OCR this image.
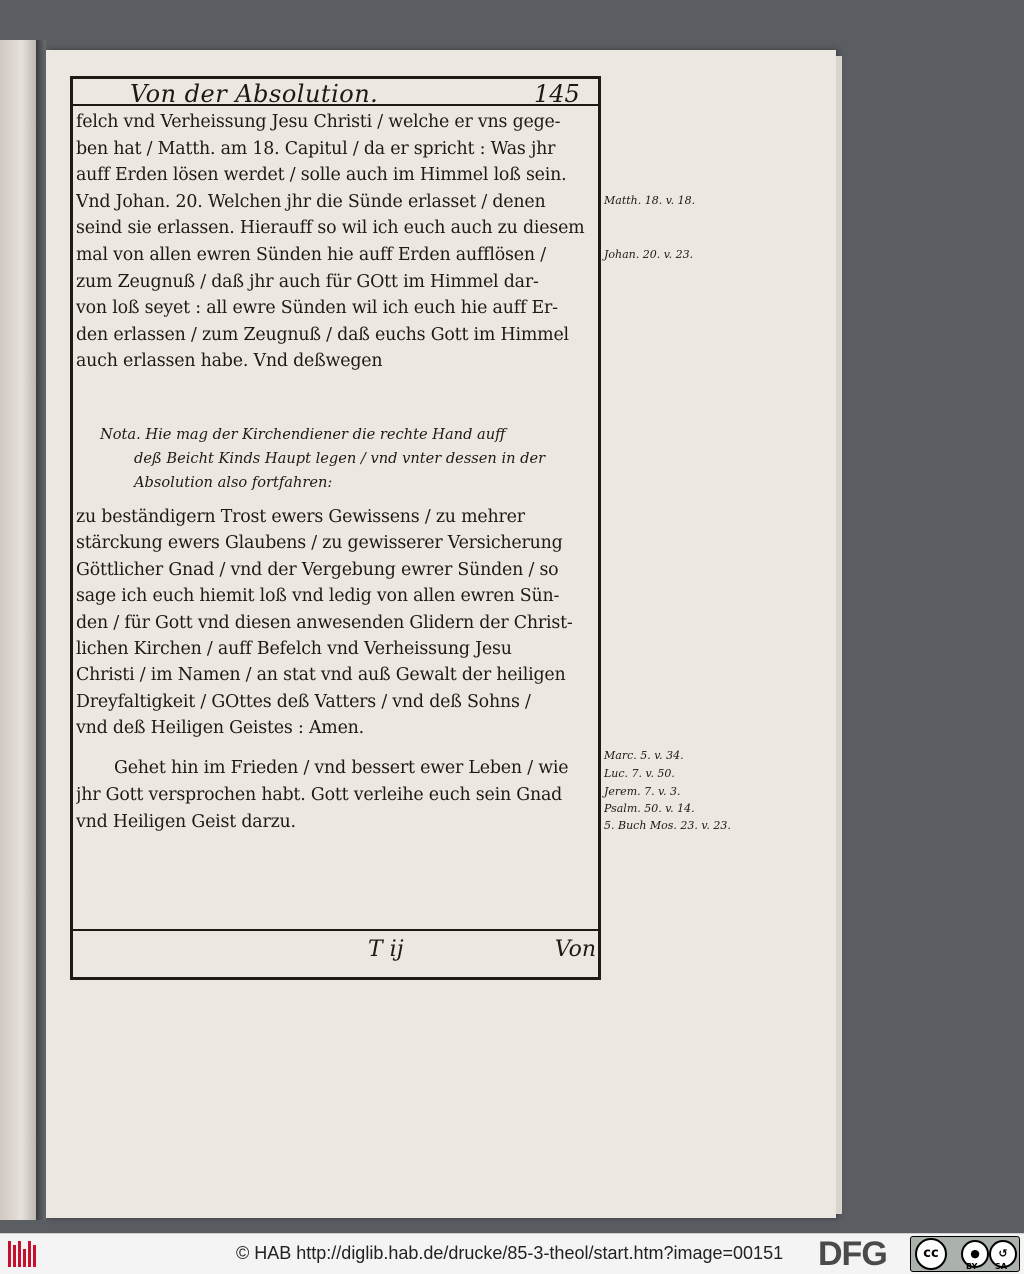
Von der Absolution.	145
felch vnd Verheissung Jesu Christi / welche er vns gege-
ben hat / Matth. am 18. Capitul / da er spricht : Was jhr
auff Erden lösen werdet / solle auch im Himmel loß sein.
Vnd Johan. 20. Welchen jhr die Sünde erlasset / denen
seind sie erlassen. Hierauff so wil ich euch auch zu diesem
mal von allen ewren Sünden hie auff Erden aufflösen /
zum Zeugnuß / daß jhr auch für GOtt im Himmel dar-
von loß seyet : all ewre Sünden wil ich euch hie auff Er-
den erlassen / zum Zeugnuß / daß euchs Gott im Himmel
auch erlassen habe. Vnd deßwegen
Nota. Hie mag der Kirchendiener die rechte Hand auff
deß Beicht Kinds Haupt legen / vnd vnter dessen in der
Absolution also fortfahren:
zu beständigern Trost ewers Gewissens / zu mehrer
stärckung ewers Glaubens / zu gewisserer Versicherung
Göttlicher Gnad / vnd der Vergebung ewrer Sünden / so
sage ich euch hiemit loß vnd ledig von allen ewren Sün-
den / für Gott vnd diesen anwesenden Glidern der Christ-
lichen Kirchen / auff Befelch vnd Verheissung Jesu
Christi / im Namen / an stat vnd auß Gewalt der heiligen
Dreyfaltigkeit / GOttes deß Vatters / vnd deß Sohns /
vnd deß Heiligen Geistes : Amen.
Gehet hin im Frieden / vnd bessert ewer Leben / wie
jhr Gott versprochen habt. Gott verleihe euch sein Gnad
vnd Heiligen Geist darzu.
Matth. 18. v. 18.
Johan. 20. v. 23.
Marc. 5. v. 34.
Luc. 7. v. 50.
Jerem. 7. v. 3.
Psalm. 50. v. 14.
5. Buch Mos. 23. v. 23.
T ij	Von
© HAB http://diglib.hab.de/drucke/85-3-theol/start.htm?image=00151 DFG	cc	●	↺
BY SA
